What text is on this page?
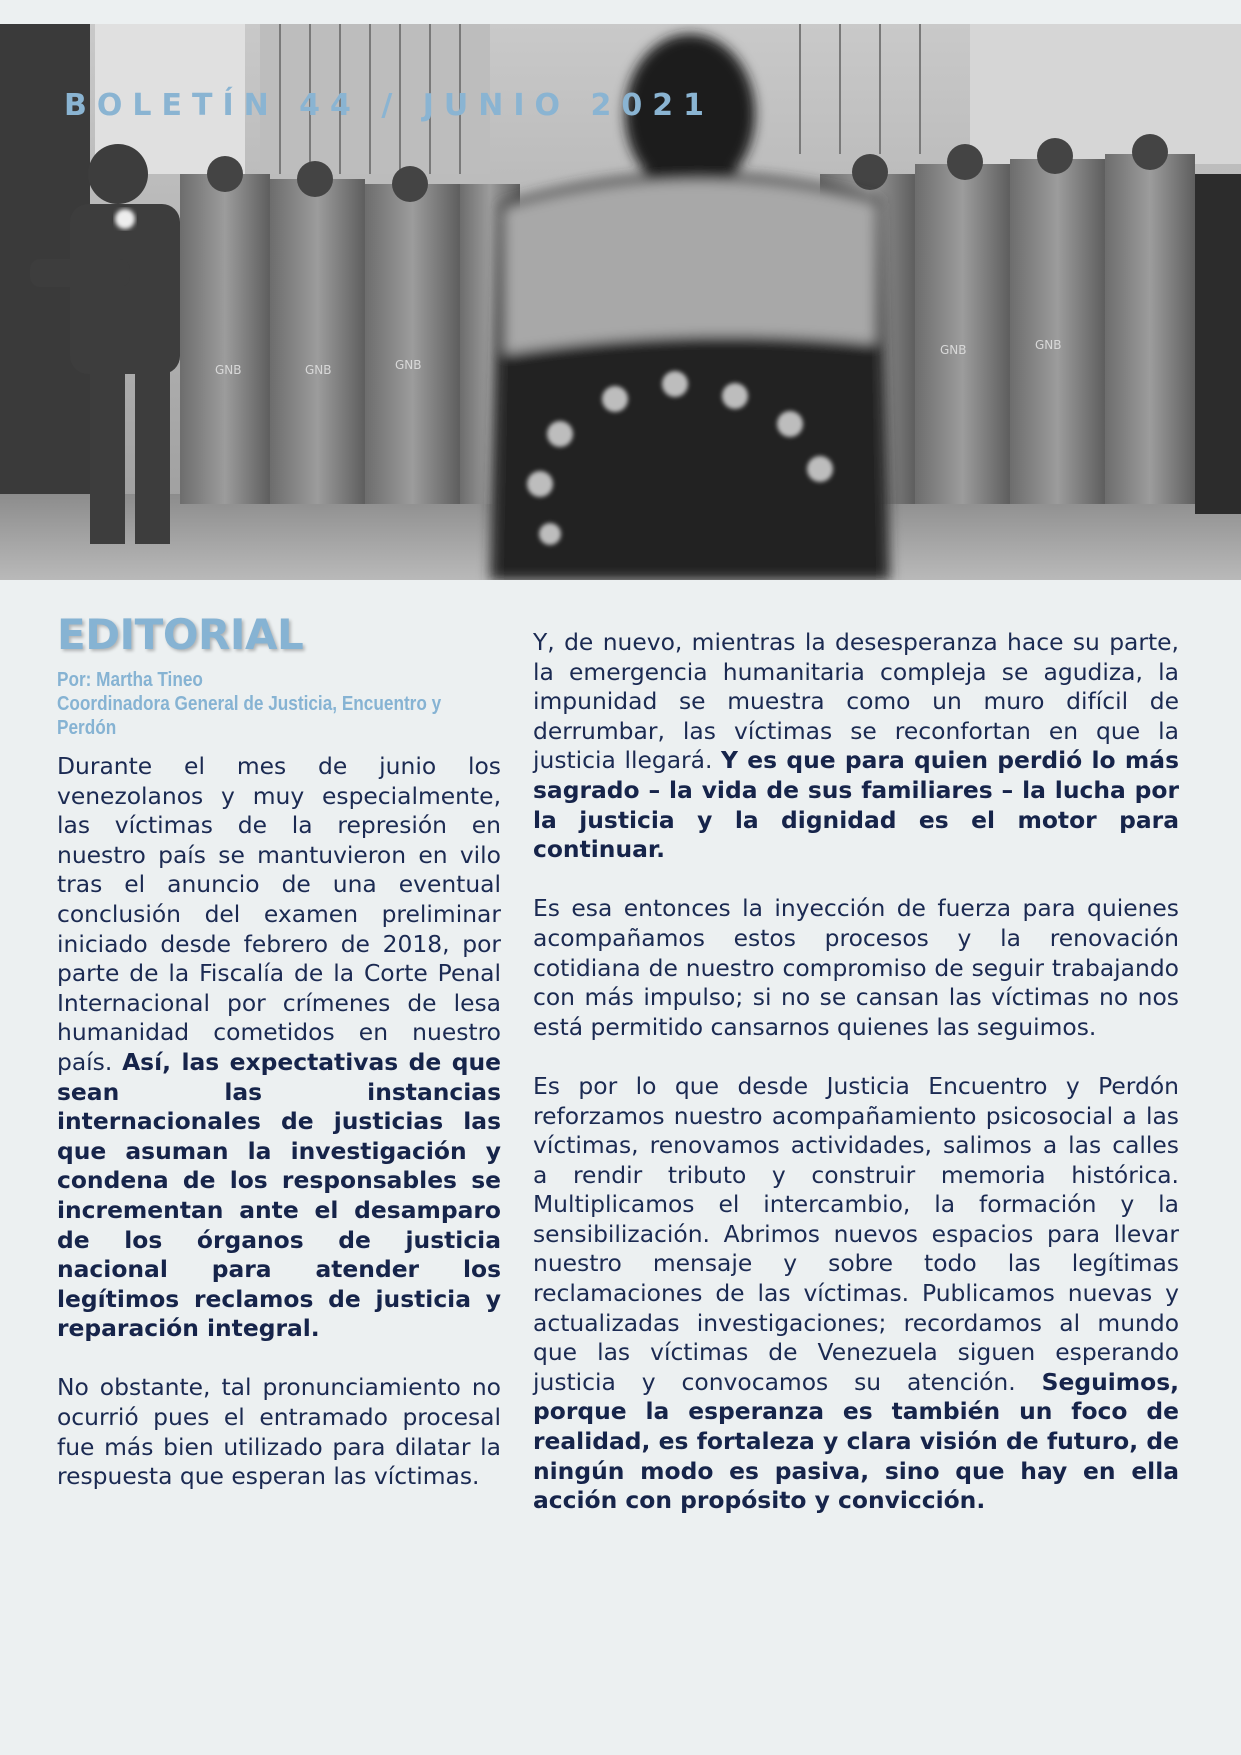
GNB	GNB	GNB
GNB	GNB
BOLETÍN 44 / JUNIO 2021
EDITORIAL
Por: Martha Tineo
Coordinadora General de Justicia, Encuentro y
Perdón

Durante el mes de junio los venezolanos y muy especialmente, las víctimas de la represión en nuestro país se mantuvieron en vilo tras el anuncio de una eventual conclusión del examen preliminar iniciado desde febrero de 2018, por parte de la Fiscalía de la Corte Penal Internacional por crímenes de lesa humanidad cometidos en nuestro país. Así, las expectativas de que sean las instancias internacionales de justicias las que asuman la investigación y condena de los responsables se incrementan ante el desamparo de los órganos de justicia nacional para atender los legítimos reclamos de justicia y reparación integral.

No obstante, tal pronunciamiento no ocurrió pues el entramado procesal fue más bien utilizado para dilatar la respuesta que esperan las víctimas.

Y, de nuevo, mientras la desesperanza hace su parte, la emergencia humanitaria compleja se agudiza, la impunidad se muestra como un muro difícil de derrumbar, las víctimas se reconfortan en que la justicia llegará. Y es que para quien perdió lo más sagrado – la vida de sus familiares – la lucha por la justicia y la dignidad es el motor para continuar.

Es esa entonces la inyección de fuerza para quienes acompañamos estos procesos y la renovación cotidiana de nuestro compromiso de seguir trabajando con más impulso; si no se cansan las víctimas no nos está permitido cansarnos quienes las seguimos.

Es por lo que desde Justicia Encuentro y Perdón reforzamos nuestro acompañamiento psicosocial a las víctimas, renovamos actividades, salimos a las calles a rendir tributo y construir memoria histórica. Multiplicamos el intercambio, la formación y la sensibilización. Abrimos nuevos espacios para llevar nuestro mensaje y sobre todo las legítimas reclamaciones de las víctimas. Publicamos nuevas y actualizadas investigaciones; recordamos al mundo que las víctimas de Venezuela siguen esperando justicia y convocamos su atención. Seguimos, porque la esperanza es también un foco de realidad, es fortaleza y clara visión de futuro, de ningún modo es pasiva, sino que hay en ella acción con propósito y convicción.
